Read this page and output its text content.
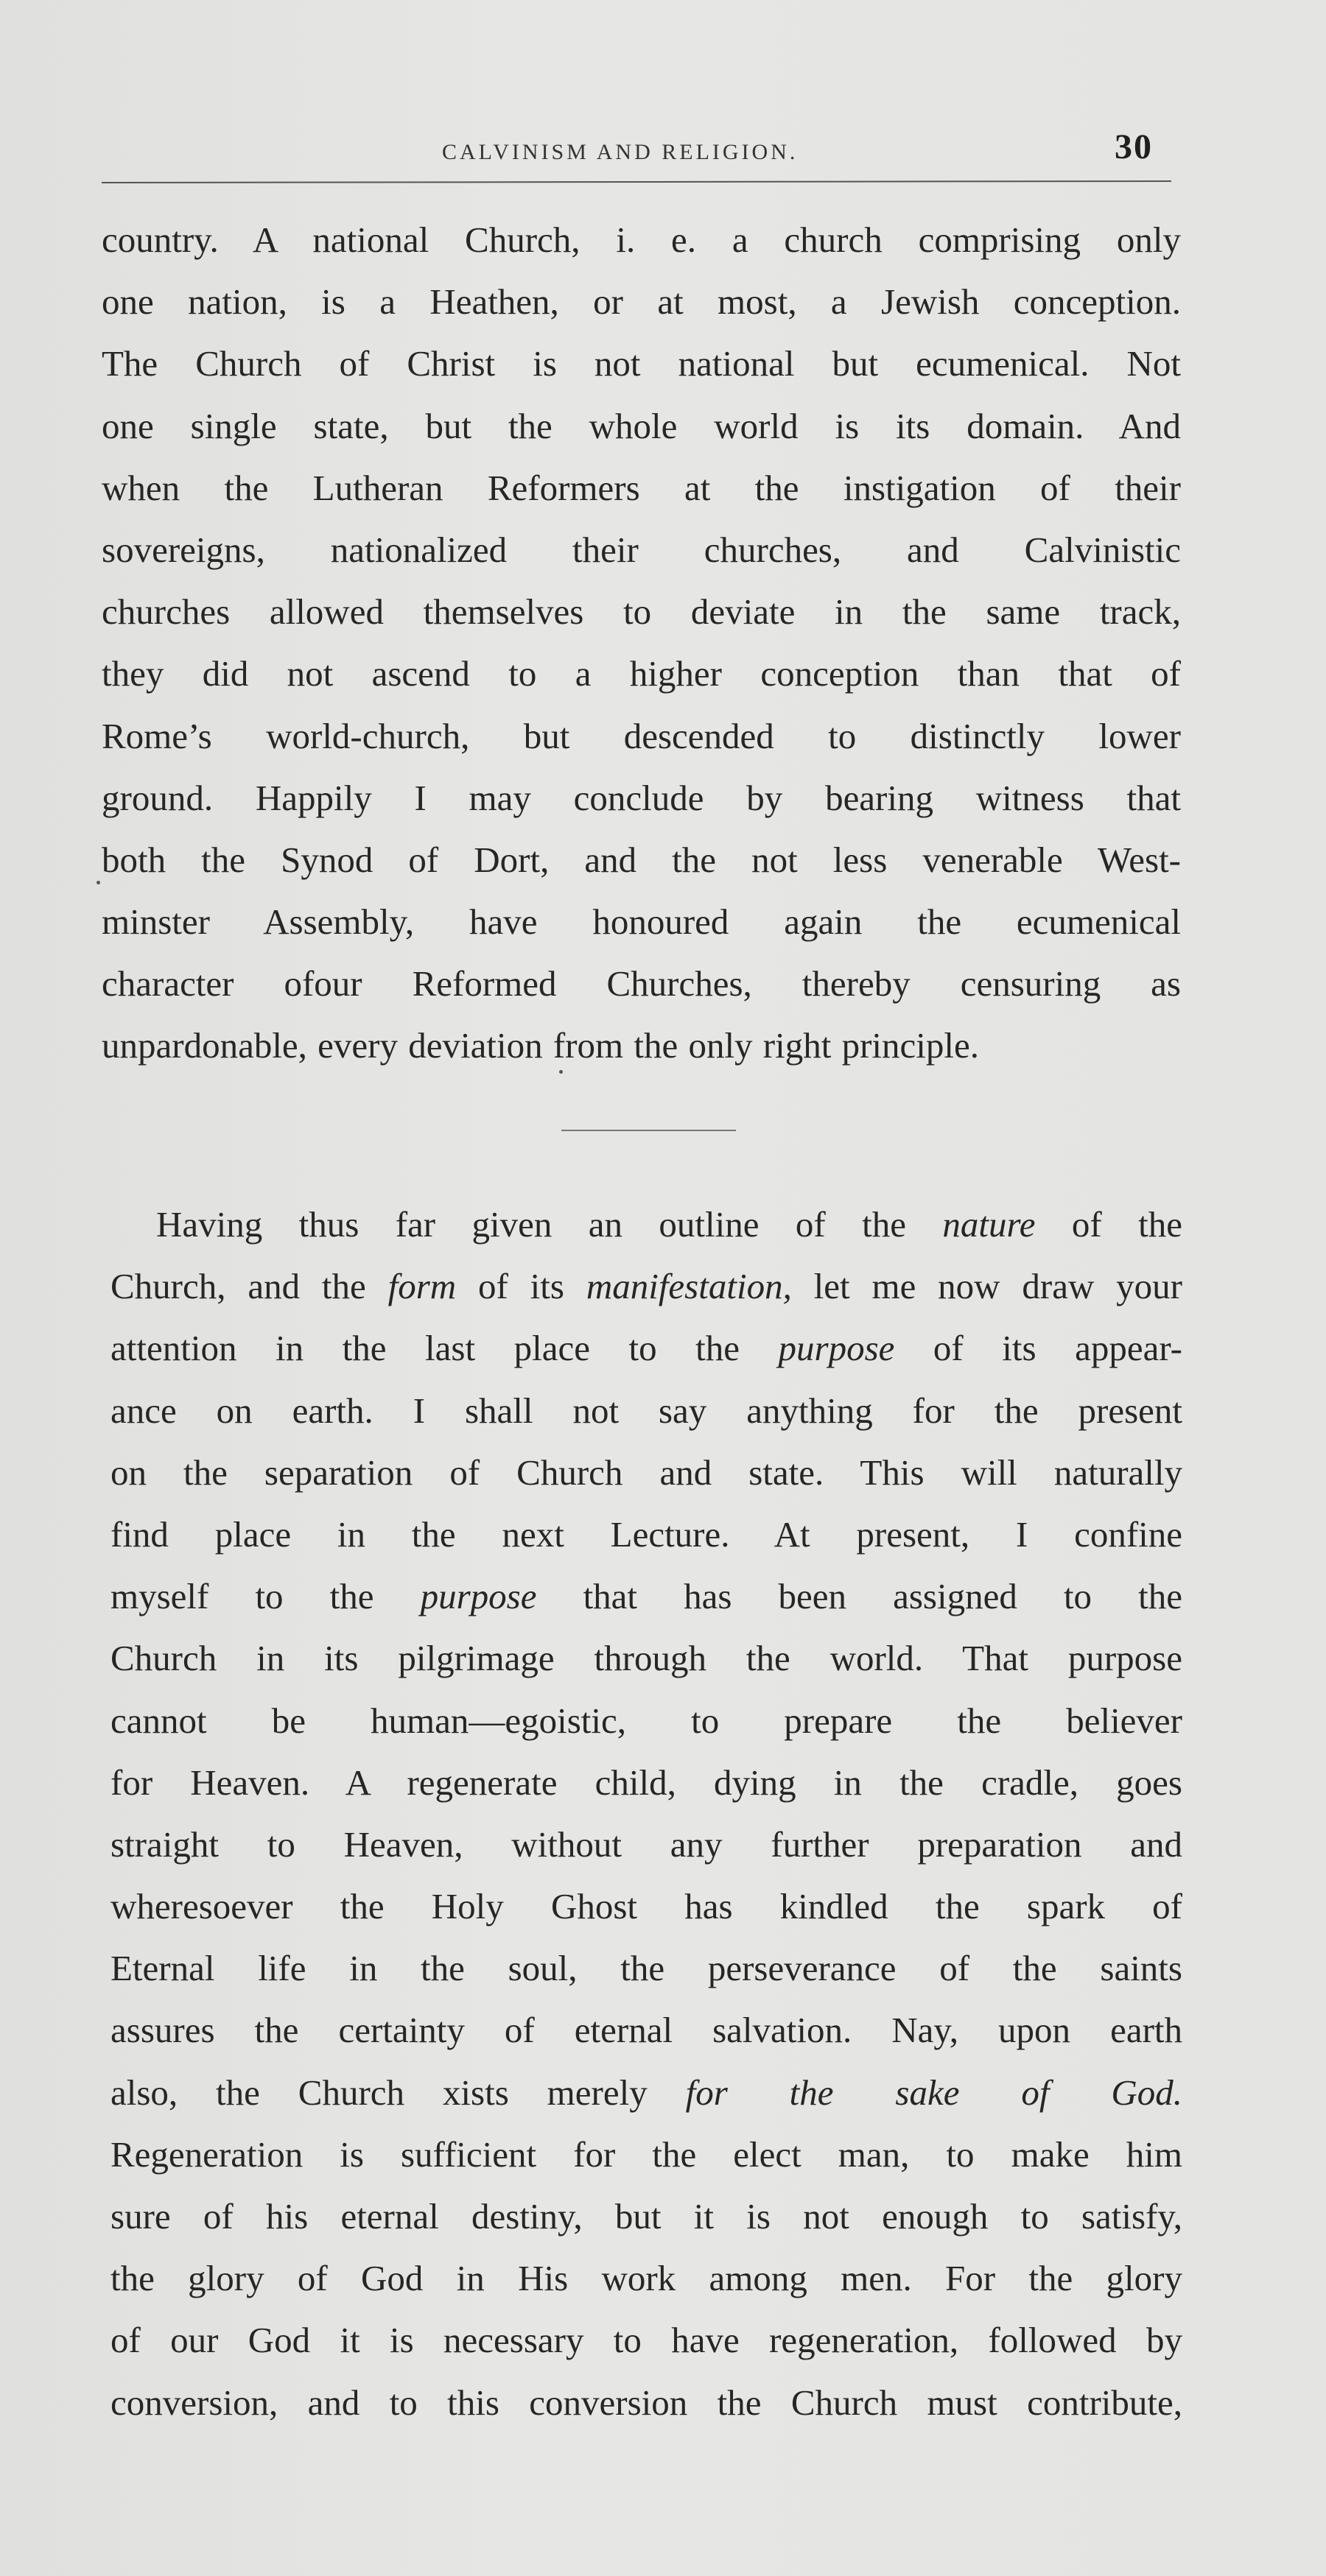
CALVINISM AND RELIGION.	30
country. A national Church, i. e. a church comprising only
one nation, is a Heathen, or at most, a Jewish conception.
The Church of Christ is not national but ecumenical. Not
one single state, but the whole world is its domain. And
when the Lutheran Reformers at the instigation of their
sovereigns, nationalized their churches, and Calvinistic
churches allowed themselves to deviate in the same track,
they did not ascend to a higher conception than that of
Rome’s world-church, but descended to distinctly lower
ground. Happily I may conclude by bearing witness that
both the Synod of Dort, and the not less venerable West-
minster Assembly, have honoured again the ecumenical
character ofour Reformed Churches, thereby censuring as
unpardonable, every deviation from the only right principle.
Having thus far given an outline of the nature of the
Church, and the form of its manifestation, let me now draw your
attention in the last place to the purpose of its appear-
ance on earth. I shall not say anything for the present
on the separation of Church and state. This will naturally
find place in the next Lecture. At present, I confine
myself to the purpose that has been assigned to the
Church in its pilgrimage through the world. That purpose
cannot be human—egoistic, to prepare the believer
for Heaven. A regenerate child, dying in the cradle, goes
straight to Heaven, without any further preparation and
wheresoever the Holy Ghost has kindled the spark of
Eternal life in the soul, the perseverance of the saints
assures the certainty of eternal salvation. Nay, upon earth
also, the Church xists merely for the sake of God.
Regeneration is sufficient for the elect man, to make him
sure of his eternal destiny, but it is not enough to satisfy,
the glory of God in His work among men. For the glory
of our God it is necessary to have regeneration, followed by
conversion, and to this conversion the Church must contribute,
